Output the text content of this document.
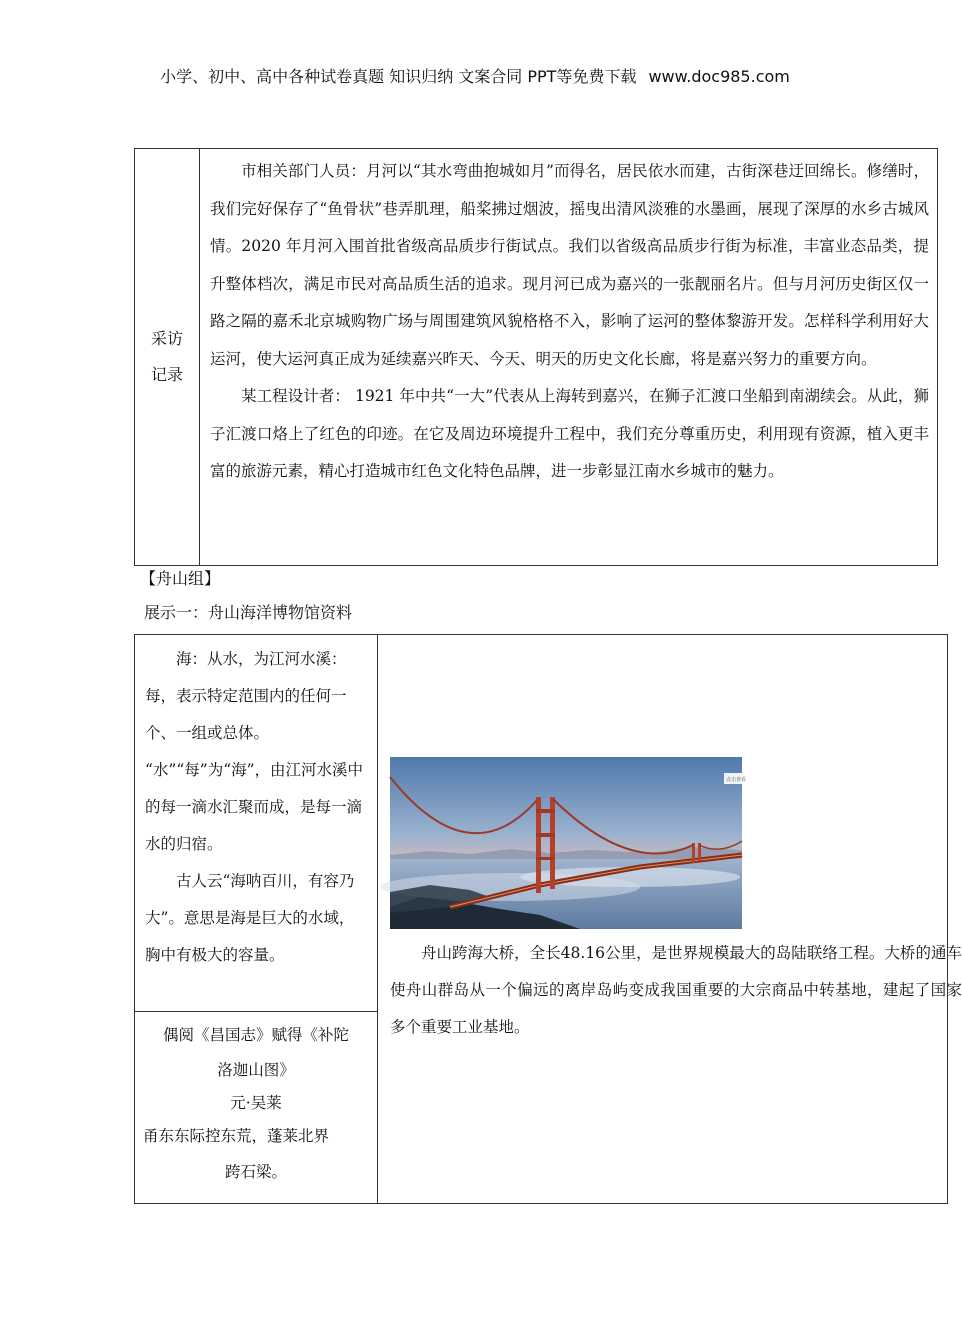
小学、初中、高中各种试卷真题 知识归纳 文案合同 PPT等免费下载 www.doc985.com
采访
记录

市相关部门人员：月河以“其水弯曲抱城如月”而得名，居民依水而建，古街深巷迂回绵长。修缮时，我们完好保存了“鱼骨状”巷弄肌理，船桨拂过烟波，摇曳出清风淡雅的水墨画，展现了深厚的水乡古城风情。2020 年月河入围首批省级高品质步行街试点。我们以省级高品质步行街为标准，丰富业态品类，提升整体档次，满足市民对高品质生活的追求。现月河已成为嘉兴的一张靓丽名片。但与月河历史街区仅一路之隔的嘉禾北京城购物广场与周围建筑风貌格格不入，影响了运河的整体黎游开发。怎样科学利用好大运河，使大运河真正成为延续嘉兴昨天、今天、明天的历史文化长廊，将是嘉兴努力的重要方向。

某工程设计者： 1921 年中共“一大”代表从上海转到嘉兴，在狮子汇渡口坐船到南湖续会。从此，狮子汇渡口烙上了红色的印迹。在它及周边环境提升工程中，我们充分尊重历史，利用现有资源，植入更丰富的旅游元素，精心打造城市红色文化特色品牌，进一步彰显江南水乡城市的魅力。

【舟山组】
展示一：舟山海洋博物馆资料

海：从水，为江河水溪：每，表示特定范围内的任何一个、一组或总体。

“水”“每”为“海”，由江河水溪中的每一滴水汇聚而成，是每一滴水的归宿。

古人云“海呐百川，有容乃大”。意思是海是巨大的水域，胸中有极大的容量。

点击查看

舟山跨海大桥，全长48.16公里，是世界规模最大的岛陆联络工程。大桥的通车使舟山群岛从一个偏远的离岸岛屿变成我国重要的大宗商品中转基地，建起了国家多个重要工业基地。

偶阅《昌国志》赋得《补陀

洛迦山图》

元·吴莱

甬东东际控东荒，蓬莱北界

跨石梁。
